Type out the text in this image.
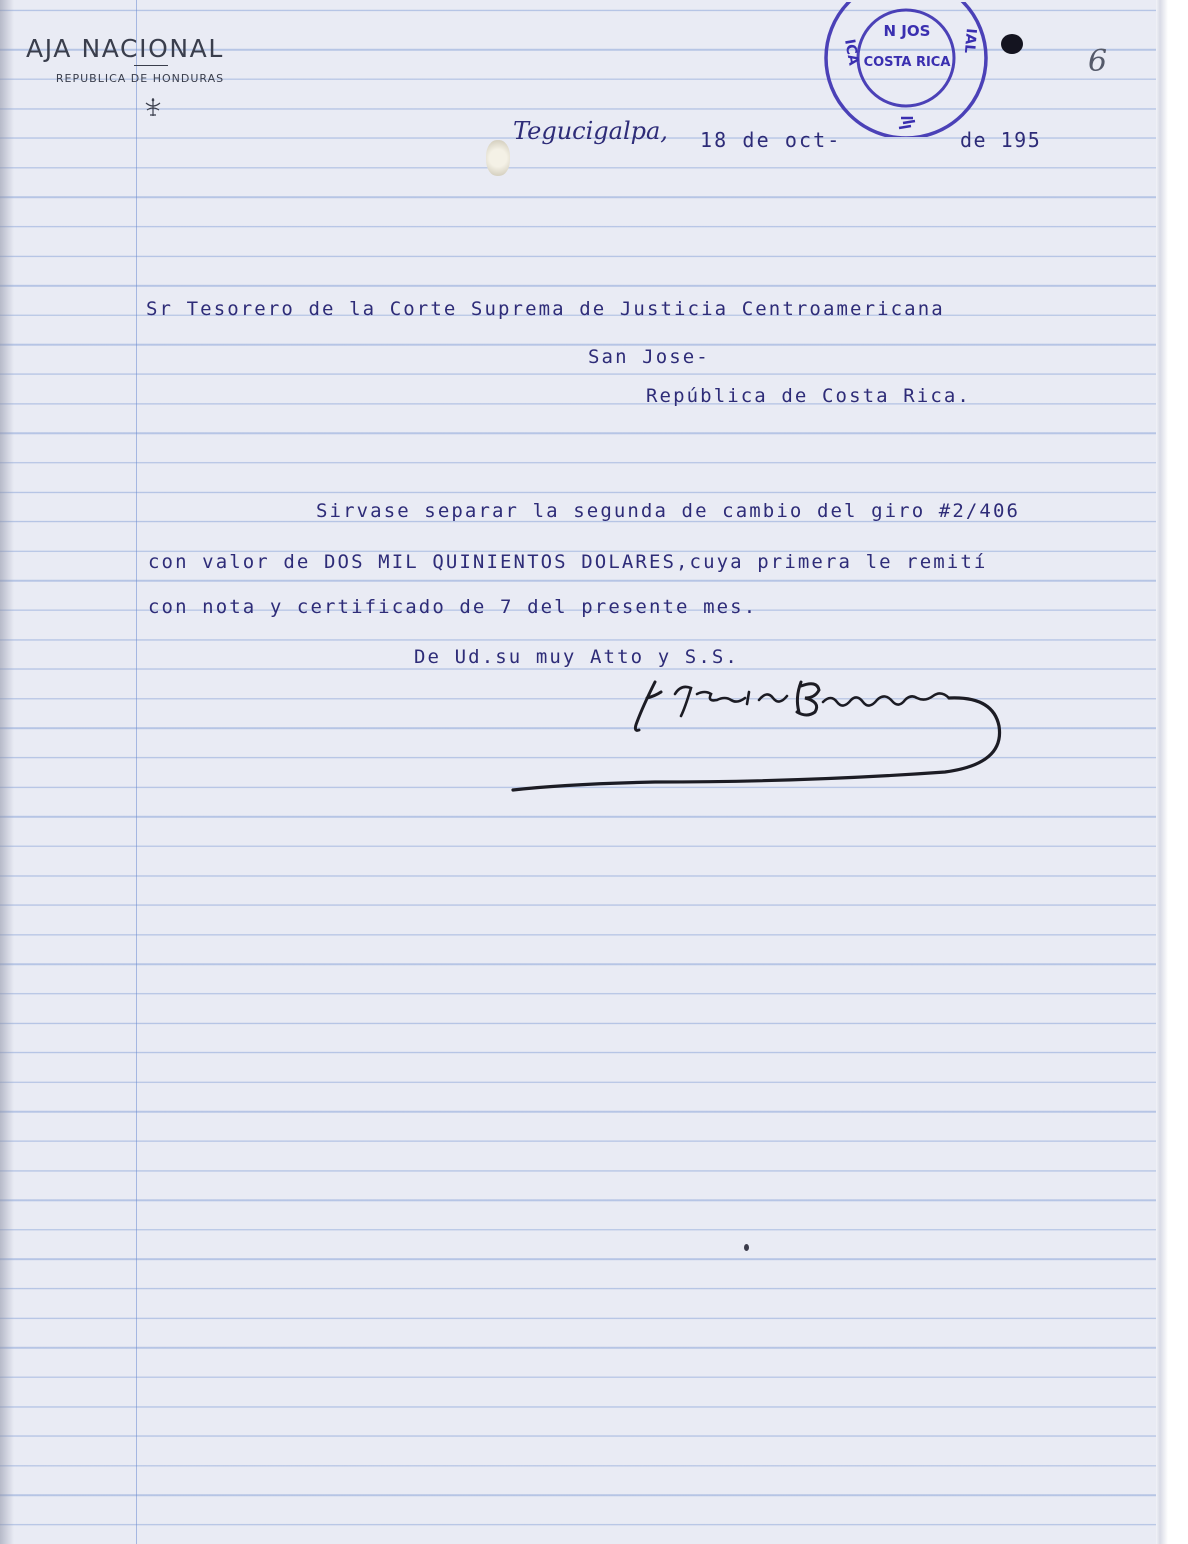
AJA NACIONAL
REPUBLICA DE HONDURAS
N JOS
COSTA RICA
ICA	IAL
6
Tegucigalpa, 18 de oct-	de 195
Sr Tesorero de la Corte Suprema de Justicia Centroamericana
San Jose-
República de Costa Rica.
Sirvase separar la segunda de cambio del giro #2/406
con valor de DOS MIL QUINIENTOS DOLARES,cuya primera le remití
con nota y certificado de 7 del presente mes.
De Ud.su muy Atto y S.S.
